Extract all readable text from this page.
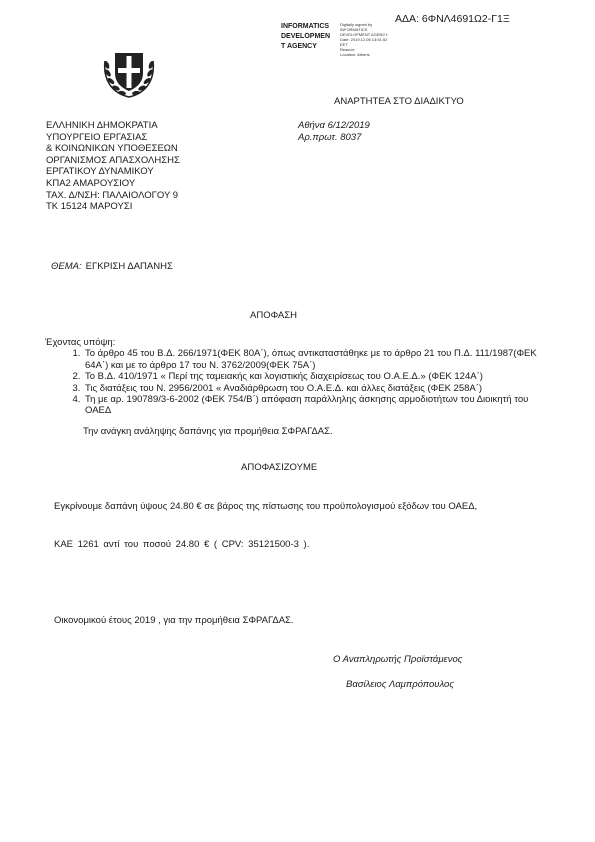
ΑΔΑ: 6ΦΝΛ4691Ω2-Γ1Ξ
INFORMATICS
DEVELOPMEN
T AGENCY
Digitally signed by
INFORMATICS
DEVELOPMENT AGENCY
Date: 2019.12.06 13:51:52
EET
Reason:
Location: Athens
ΑΝΑΡΤΗΤΕΑ ΣΤΟ ΔΙΑΔΙΚΤΥΟ
ΕΛΛΗΝΙΚΗ ΔΗΜΟΚΡΑΤΙΑ
ΥΠΟΥΡΓΕΙΟ ΕΡΓΑΣΙΑΣ
& ΚΟΙΝΩΝΙΚΩΝ ΥΠΟΘΕΣΕΩΝ
ΟΡΓΑΝΙΣΜΟΣ ΑΠΑΣΧΟΛΗΣΗΣ
ΕΡΓΑΤΙΚΟΥ ΔΥΝΑΜΙΚΟΥ
ΚΠΑ2 ΑΜΑΡΟΥΣΙΟΥ
ΤΑΧ. Δ/ΝΣΗ: ΠΑΛΑΙΟΛΟΓΟΥ 9
ΤΚ 15124 ΜΑΡΟΥΣΙ
Αθήνα 6/12/2019
Αρ.πρωτ. 8037
ΘΕΜΑ: ΕΓΚΡΙΣΗ ΔΑΠΑΝΗΣ
ΑΠΟΦΑΣΗ
Έχοντας υπόψη:
1. Το άρθρο 45 του Β.Δ. 266/1971(ΦΕΚ 80Α΄), όπως αντικαταστάθηκε με το άρθρο 21 του Π.Δ. 111/1987(ΦΕΚ 64Α΄) και με το άρθρο 17 του Ν. 3762/2009(ΦΕΚ 75Α΄)
2. Το Β.Δ. 410/1971 « Περί της ταμειακής και λογιστικής διαχειρίσεως του Ο.Α.Ε.Δ.» (ΦΕΚ 124Α΄)
3. Τις διατάξεις του Ν. 2956/2001 « Αναδιάρθρωση του Ο.Α.Ε.Δ. και άλλες διατάξεις (ΦΕΚ 258Α΄)
4. Τη με αρ. 190789/3-6-2002 (ΦΕΚ 754/Β΄) απόφαση παράλληλης άσκησης αρμοδιοτήτων του Διοικητή του ΟΑΕΔ
Την ανάγκη ανάληψης δαπάνης για προμήθεια ΣΦΡΑΓΔΑΣ.
ΑΠΟΦΑΣΙΖΟΥΜΕ
Εγκρίνουμε δαπάνη ύψους 24.80 € σε βάρος της πίστωσης του προϋπολογισμού εξόδων του ΟΑΕΔ,
ΚΑΕ 1261 αντί του ποσού 24.80 € ( CPV: 35121500-3 ).
Οικονομικού έτους 2019 , για την προμήθεια ΣΦΡΑΓΔΑΣ.
Ο Αναπληρωτής Προϊστάμενος
Βασίλειος Λαμπρόπουλος
